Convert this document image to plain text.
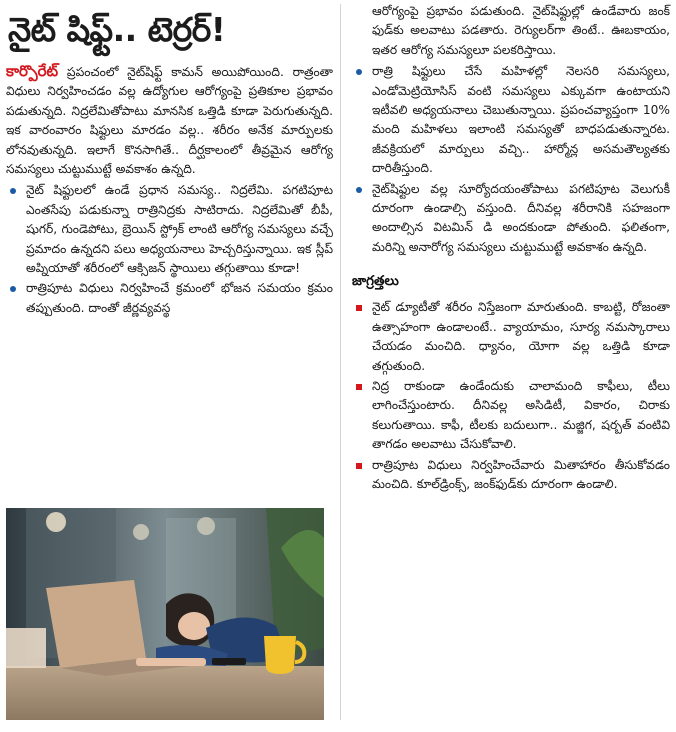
నైట్ షిఫ్ట్.. టెర్రర్!

కార్పొరేట్ ప్రపంచంలో నైట్‌షిఫ్ట్ కామన్ అయిపోయింది. రాత్రంతా విధులు నిర్వహించడం వల్ల ఉద్యోగుల ఆరోగ్యంపై ప్రతికూల ప్రభావం పడుతున్నది. నిద్రలేమితోపాటు మానసిక ఒత్తిడి కూడా పెరుగుతున్నది. ఇక వారంవారం షిఫ్టులు మారడం వల్ల.. శరీరం అనేక మార్పులకు లోనవుతున్నది. ఇలాగే కొనసాగితే.. దీర్ఘకాలంలో తీవ్రమైన ఆరోగ్య సమస్యలు చుట్టుముట్టే అవకాశం ఉన్నది.

నైట్ షిఫ్టులలో ఉండే ప్రధాన సమస్య.. నిద్రలేమి. పగటిపూట ఎంతసేపు పడుకున్నా రాత్రినిద్రకు సాటిరాదు. నిద్రలేమితో బీపీ, షుగర్, గుండెపోటు, బ్రెయిన్ స్ట్రోక్ లాంటి ఆరోగ్య సమస్యలు వచ్చే ప్రమాదం ఉన్నదని పలు అధ్యయనాలు హెచ్చరిస్తున్నాయి. ఇక స్లీప్ అప్నియాతో శరీరంలో ఆక్సిజన్ స్థాయిలు తగ్గుతాయి కూడా!
రాత్రిపూట విధులు నిర్వహించే క్రమంలో భోజన సమయం క్రమం తప్పుతుంది. దాంతో జీర్ణవ్యవస్థ

ఆరోగ్యంపై ప్రభావం పడుతుంది. నైట్‌షిఫ్టుల్లో ఉండేవారు జంక్ ఫుడ్‌కు అలవాటు పడతారు. రెగ్యులర్‌గా తింటే.. ఊబకాయం, ఇతర ఆరోగ్య సమస్యలూ పలకరిస్తాయి.

రాత్రి షిఫ్టులు చేసే మహిళల్లో నెలసరి సమస్యలు, ఎండోమెట్రియోసిస్ వంటి సమస్యలు ఎక్కువగా ఉంటాయని ఇటీవలి అధ్యయనాలు చెబుతున్నాయి. ప్రపంచవ్యాప్తంగా 10% మంది మహిళలు ఇలాంటి సమస్యతో బాధపడుతున్నారట. జీవక్రియలో మార్పులు వచ్చి.. హార్మోన్ల అసమతౌల్యతకు దారితీస్తుంది.
నైట్‌షిఫ్టుల వల్ల సూర్యోదయంతోపాటు పగటిపూట వెలుగుకీ దూరంగా ఉండాల్సి వస్తుంది. దీనివల్ల శరీరానికి సహజంగా అందాల్సిన విటమిన్ డి అందకుండా పోతుంది. ఫలితంగా, మరిన్ని అనారోగ్య సమస్యలు చుట్టుముట్టే అవకాశం ఉన్నది.
జాగ్రత్తలు
నైట్ డ్యూటీతో శరీరం నిస్తేజంగా మారుతుంది. కాబట్టి, రోజంతా ఉత్సాహంగా ఉండాలంటే.. వ్యాయామం, సూర్య నమస్కారాలు చేయడం మంచిది. ధ్యానం, యోగా వల్ల ఒత్తిడి కూడా తగ్గుతుంది.
నిద్ర రాకుండా ఉండేందుకు చాలామంది కాఫీలు, టీలు లాగించేస్తుంటారు. దీనివల్ల అసిడిటీ, వికారం, చిరాకు కలుగుతాయి. కాఫీ, టీలకు బదులుగా.. మజ్జిగ, షర్బత్ వంటివి తాగడం అలవాటు చేసుకోవాలి.
రాత్రిపూట విధులు నిర్వహించేవారు మితాహారం తీసుకోవడం మంచిది. కూల్‌డ్రింక్స్, జంక్‌ఫుడ్‌కు దూరంగా ఉండాలి.
